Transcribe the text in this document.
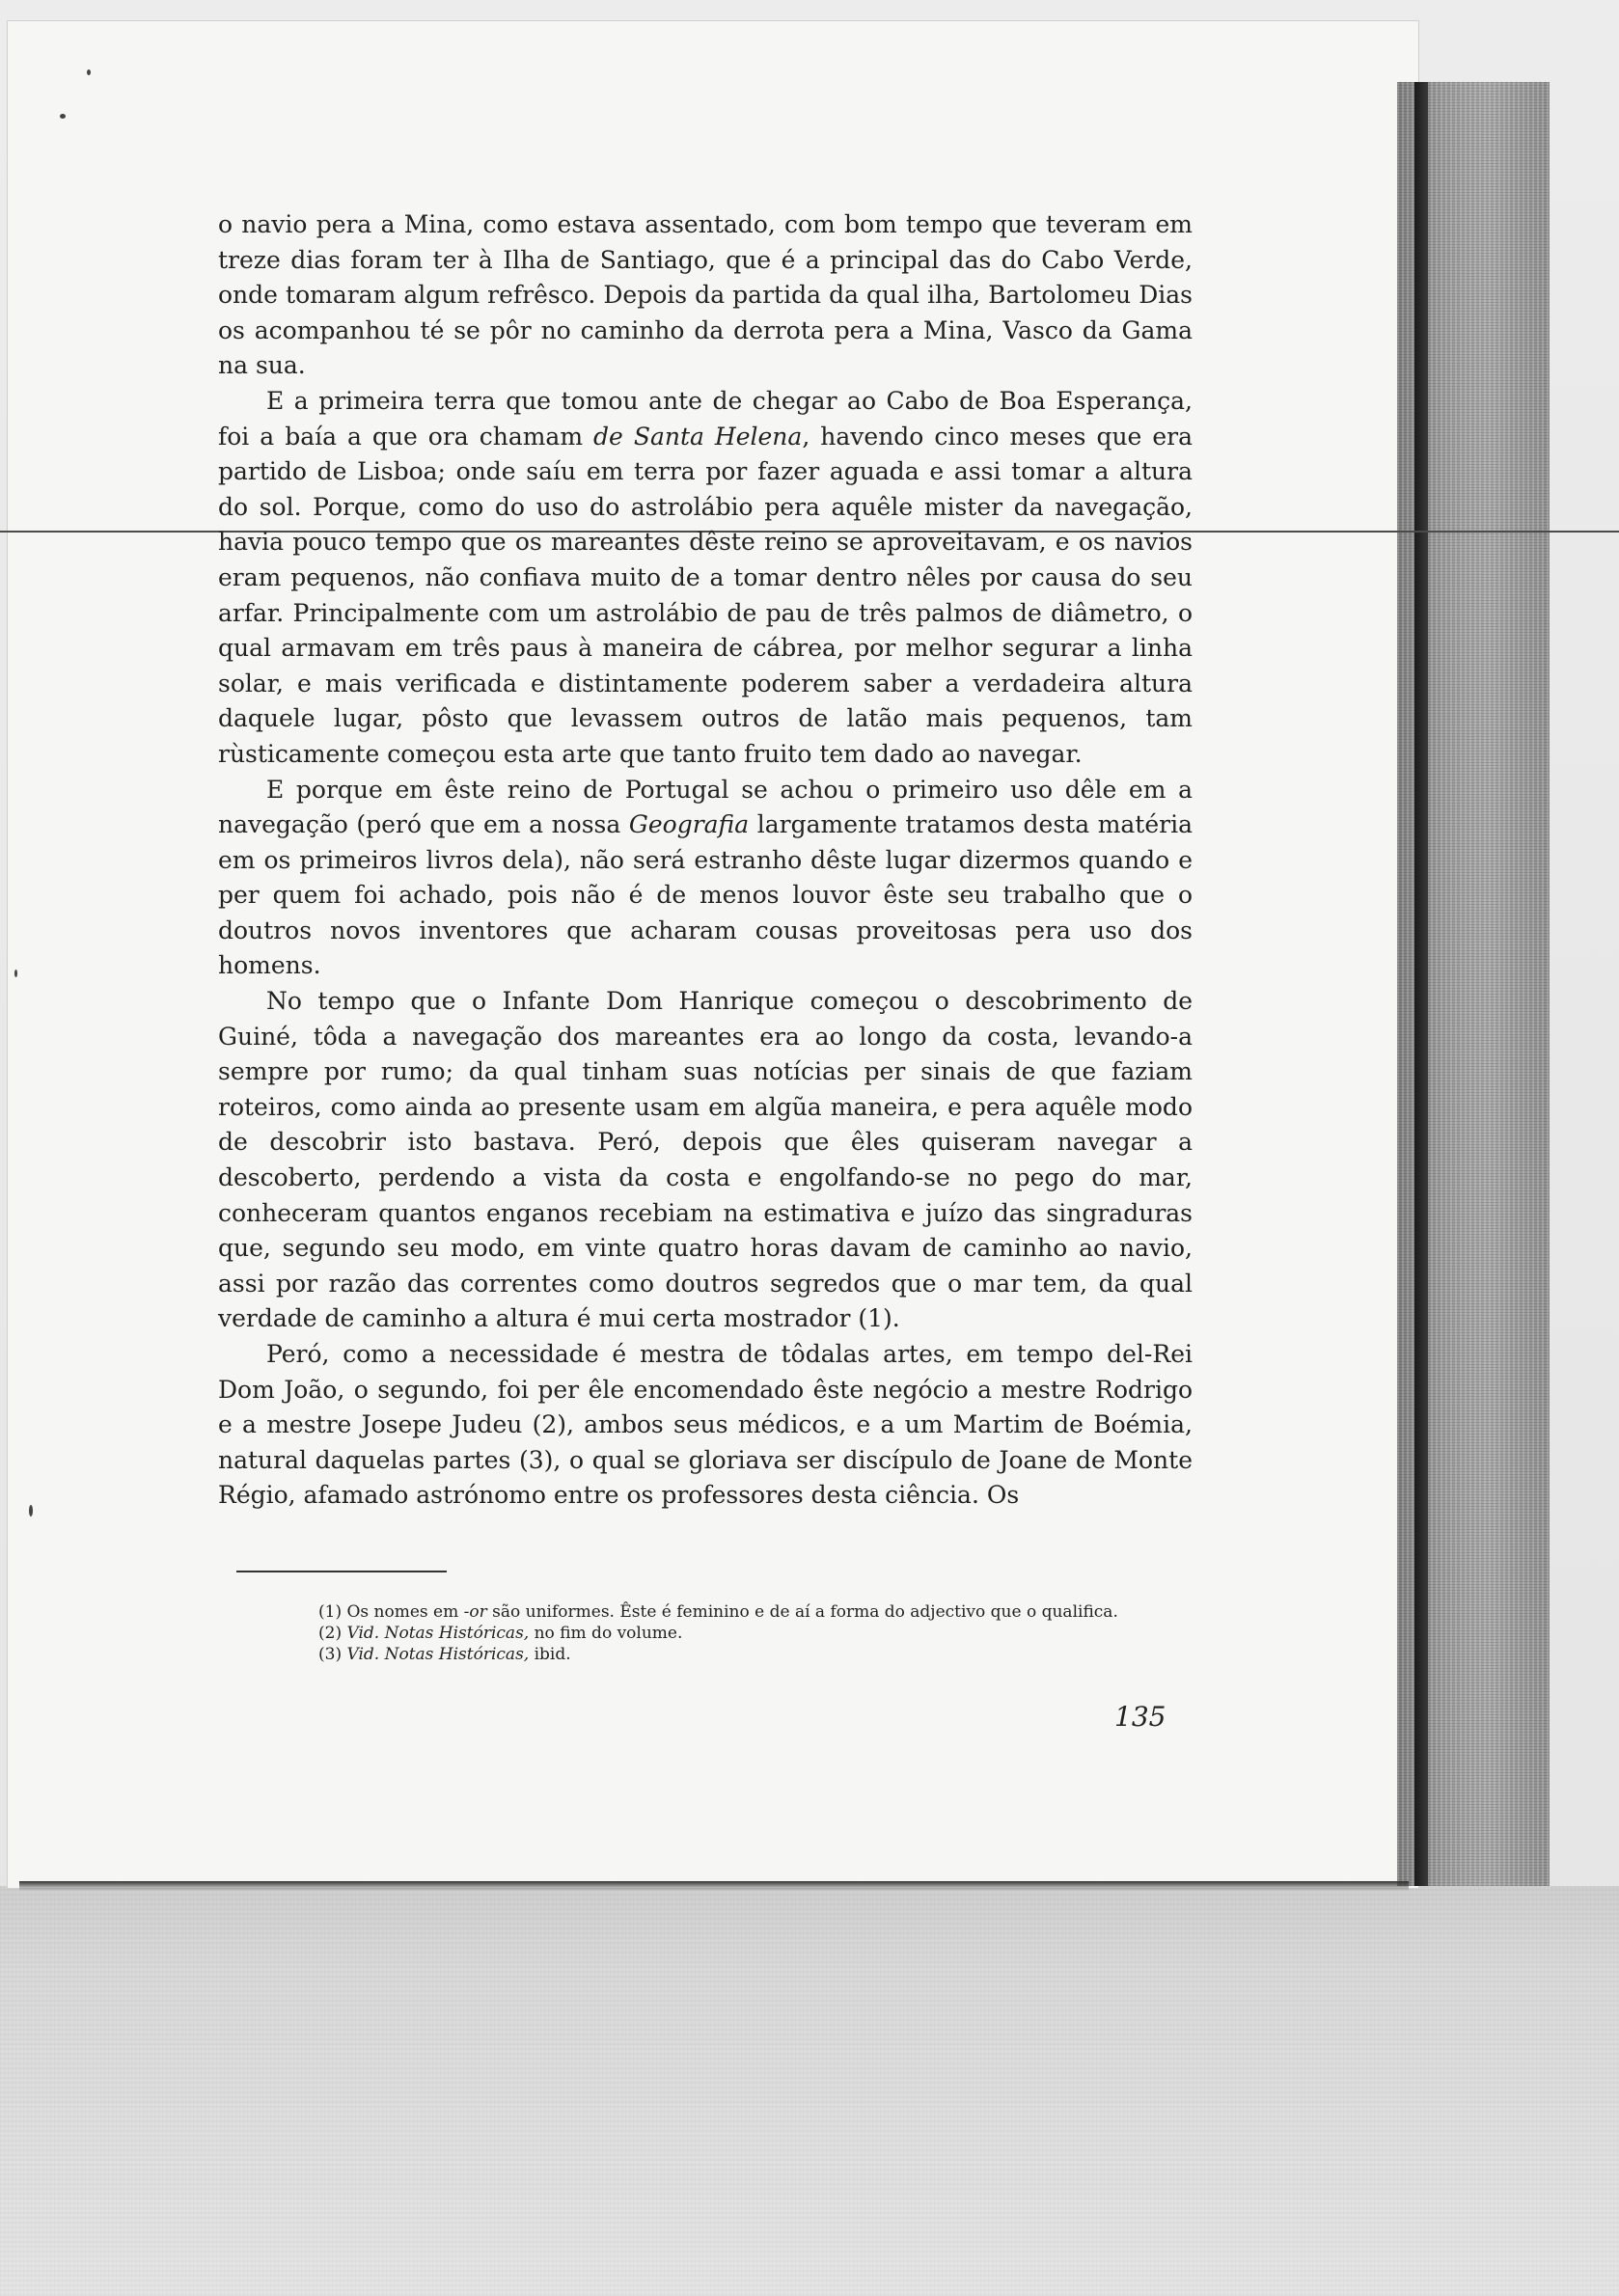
o navio pera a Mina, como estava assentado, com bom tempo que teveram em treze dias foram ter à Ilha de Santiago, que é a principal das do Cabo Verde, onde tomaram algum refrêsco. Depois da partida da qual ilha, Bartolomeu Dias os acompanhou té se pôr no caminho da derrota pera a Mina, Vasco da Gama na sua.

E a primeira terra que tomou ante de chegar ao Cabo de Boa Esperança, foi a baía a que ora chamam de Santa Helena, havendo cinco meses que era partido de Lisboa; onde saíu em terra por fazer aguada e assi tomar a altura do sol. Porque, como do uso do astrolábio pera aquêle mister da navegação, havia pouco tempo que os mareantes dêste reino se aproveitavam, e os navios eram pequenos, não confiava muito de a tomar dentro nêles por causa do seu arfar. Principalmente com um astrolábio de pau de três palmos de diâmetro, o qual armavam em três paus à maneira de cábrea, por melhor segurar a linha solar, e mais verificada e distintamente poderem saber a verdadeira altura daquele lugar, pôsto que levassem outros de latão mais pequenos, tam rùsticamente começou esta arte que tanto fruito tem dado ao navegar.

E porque em êste reino de Portugal se achou o primeiro uso dêle em a navegação (peró que em a nossa Geografia largamente tratamos desta matéria em os primeiros livros dela), não será estranho dêste lugar dizermos quando e per quem foi achado, pois não é de menos louvor êste seu trabalho que o doutros novos inventores que acharam cousas proveitosas pera uso dos homens.

No tempo que o Infante Dom Hanrique começou o descobrimento de Guiné, tôda a navegação dos mareantes era ao longo da costa, levando-a sempre por rumo; da qual tinham suas notícias per sinais de que faziam roteiros, como ainda ao presente usam em algũa maneira, e pera aquêle modo de descobrir isto bastava. Peró, depois que êles quiseram navegar a descoberto, perdendo a vista da costa e engolfando-se no pego do mar, conheceram quantos enganos recebiam na estimativa e juízo das singraduras que, segundo seu modo, em vinte quatro horas davam de caminho ao navio, assi por razão das correntes como doutros segredos que o mar tem, da qual verdade de caminho a altura é mui certa mostrador (1).

Peró, como a necessidade é mestra de tôdalas artes, em tempo del-Rei Dom João, o segundo, foi per êle encomendado êste negócio a mestre Rodrigo e a mestre Josepe Judeu (2), ambos seus médicos, e a um Martim de Boémia, natural daquelas partes (3), o qual se gloriava ser discípulo de Joane de Monte Régio, afamado astrónomo entre os professores desta ciência. Os

(1) Os nomes em -or são uniformes. Êste é feminino e de aí a forma do adjectivo que o qualifica.

(2) Vid. Notas Históricas, no fim do volume.

(3) Vid. Notas Históricas, ibid.

135
